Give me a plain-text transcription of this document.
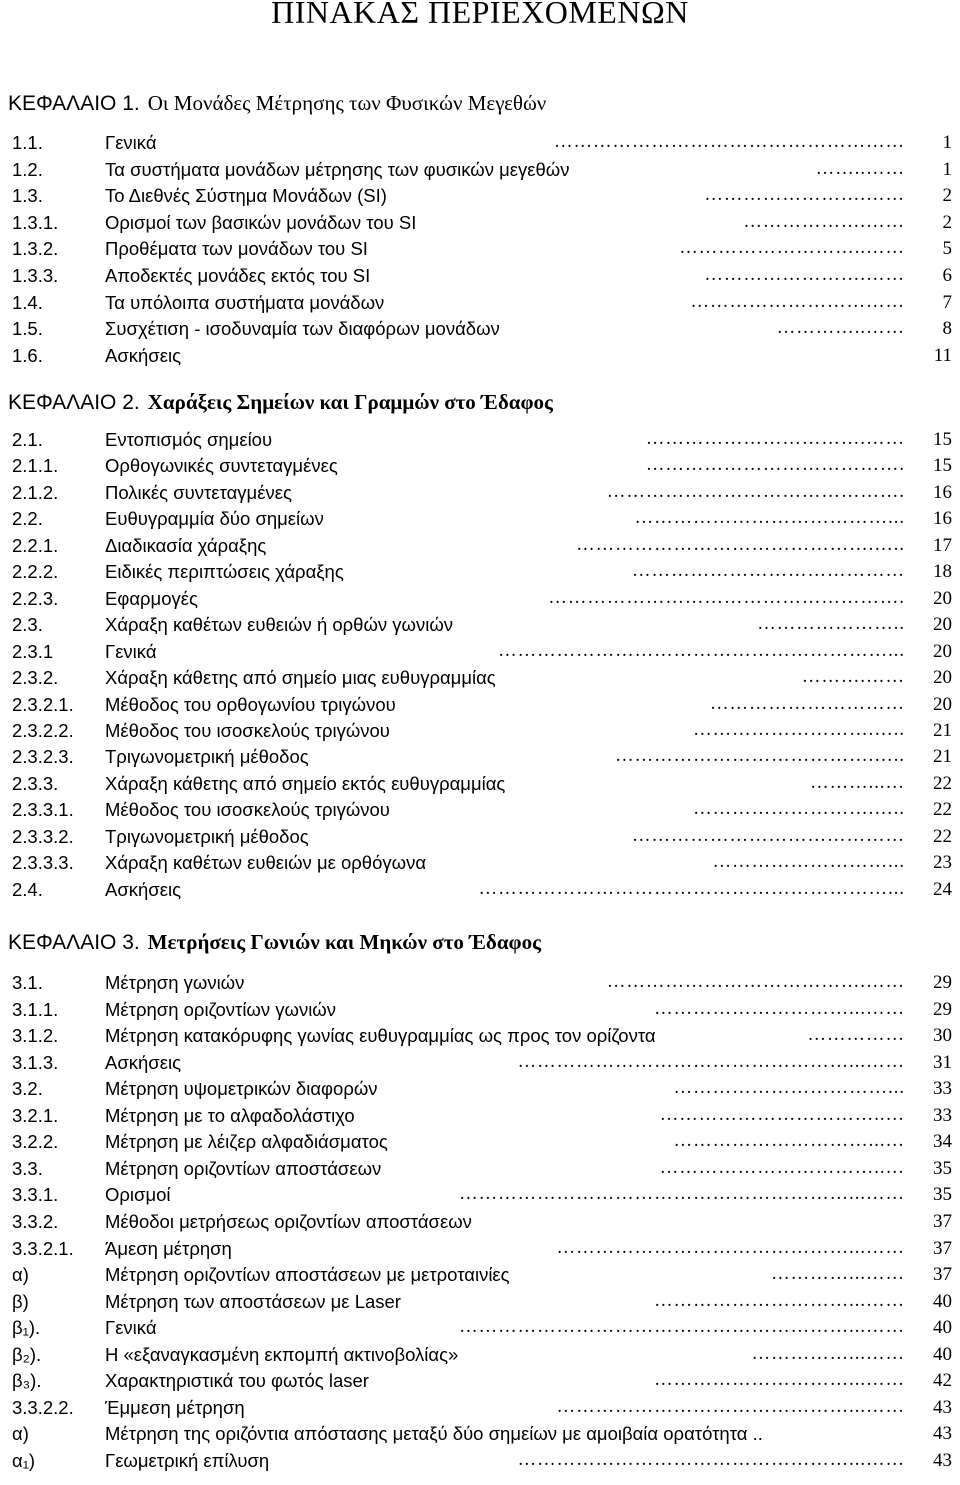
ΠΙΝΑΚΑΣ ΠΕΡΙΕΧΟΜΕΝΩΝ
ΚΕΦΑΛΑΙΟ 1. Οι Μονάδες Μέτρησης των Φυσικών Μεγεθών
ΚΕΦΑΛΑΙΟ 2. Χαράξεις Σημείων και Γραμμών στο Έδαφος
ΚΕΦΑΛΑΙΟ 3. Μετρήσεις Γωνιών και Μηκών στο Έδαφος
1.1.	Γενικά	………………………………………………	1
1.2.	Τα συστήματα μονάδων μέτρησης των φυσικών μεγεθών	……..……	1
1.3.	Το Διεθνές Σύστημα Μονάδων (SI)	…………………….……	2
1.3.1.	Ορισμοί των βασικών μονάδων του SI	……………….……	2
1.3.2.	Προθέματα των μονάδων του SI	………………………..……	5
1.3.3.	Αποδεκτές μονάδες εκτός του SI	…………………….……	6
1.4.	Τα υπόλοιπα συστήματα μονάδων	……………………………	7
1.5.	Συσχέτιση - ισοδυναμία των διαφόρων μονάδων	…………..……	8
1.6.	Ασκήσεις	11
2.1.	Εντοπισμός σημείου	…………………………….……	15
2.1.1.	Ορθογωνικές συντεταγμένες	………………………………….	15
2.1.2.	Πολικές συντεταγμένες	……………………………………….	16
2.2.	Ευθυγραμμία δύο σημείων	…………………………………...	16
2.2.1.	Διαδικασία χάραξης	……………………………………….…..	17
2.2.2.	Ειδικές περιπτώσεις χάραξης	……………………………………	18
2.2.3.	Εφαρμογές	……………………………………………….	20
2.3.	Χάραξη καθέτων ευθειών ή ορθών γωνιών	…………………..	20
2.3.1	Γενικά	……………………………………………………...	20
2.3.2.	Χάραξη κάθετης από σημείο μιας ευθυγραμμίας	……….……	20
2.3.2.1. Μέθοδος του ορθογωνίου τριγώνου	…………………………	20
2.3.2.2. Μέθοδος του ισοσκελούς τριγώνου	……………………….…..	21
2.3.2.3. Τριγωνομετρική μέθοδος	………………………………….…..	21
2.3.3.	Χάραξη κάθετης από σημείο εκτός ευθυγραμμίας	………...…	22
2.3.3.1. Μέθοδος του ισοσκελούς τριγώνου	……………………….…..	22
2.3.3.2. Τριγωνομετρική μέθοδος	……………………………………	22
2.3.3.3. Χάραξη καθέτων ευθειών με ορθόγωνα	………………………...	23
2.4.	Ασκήσεις	………………………………………………………...	24
3.1.	Μέτρηση γωνιών	………………………………….……	29
3.1.1.	Μέτρηση οριζοντίων γωνιών	…………………………...……	29
3.1.2.	Μέτρηση κατακόρυφης γωνίας ευθυγραμμίας ως προς τον ορίζοντα	……………	30
3.1.3.	Ασκήσεις	……………………………………………...……	31
3.2.	Μέτρηση υψομετρικών διαφορών	……………………………...	33
3.2.1.	Μέτρηση με το αλφαδολάστιχο	……………………………..…	33
3.2.2.	Μέτρηση με λέιζερ αλφαδιάσματος	…………………………...…	34
3.3.	Μέτρηση οριζοντίων αποστάσεων	……………………………..…	35
3.3.1.	Ορισμοί	……………………………………………………...……	35
3.3.2.	Μέθοδοι μετρήσεως οριζοντίων αποστάσεων	37
3.3.2.1. Άμεση μέτρηση	………………………………………...……	37
α)	Μέτρηση οριζοντίων αποστάσεων με μετροταινίες	…………...……	37
β)	Μέτρηση των αποστάσεων με Laser	…………………………...……	40
β₁).	Γενικά	……………………………………………………...……	40
β₂).	Η «εξαναγκασμένη εκπομπή ακτινοβολίας»	……………...……	40
β₃).	Χαρακτηριστικά του φωτός laser	…………………………...……	42
3.3.2.2. Έμμεση μέτρηση	………………………………………...……	43
α)	Μέτρηση της οριζόντια απόστασης μεταξύ δύο σημείων με αμοιβαία ορατότητα ..	43
α₁)	Γεωμετρική επίλυση	……………………………………………...……	43
